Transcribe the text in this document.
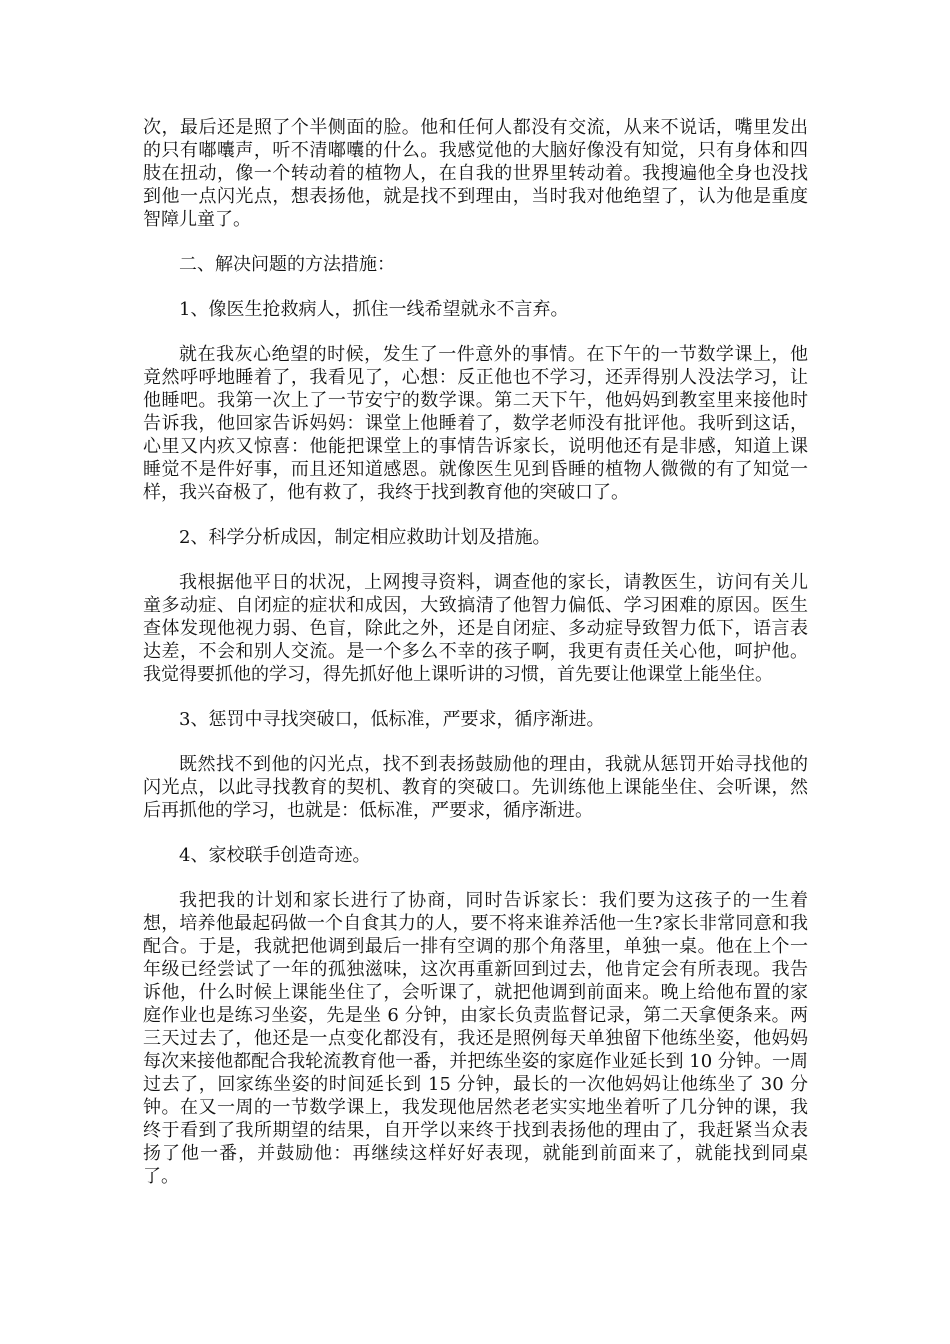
次，最后还是照了个半侧面的脸。他和任何人都没有交流，从来不说话，嘴里发出的只有嘟囔声，听不清嘟囔的什么。我感觉他的大脑好像没有知觉，只有身体和四肢在扭动，像一个转动着的植物人，在自我的世界里转动着。我搜遍他全身也没找到他一点闪光点，想表扬他，就是找不到理由，当时我对他绝望了，认为他是重度智障儿童了。

二、解决问题的方法措施：

1、像医生抢救病人，抓住一线希望就永不言弃。

就在我灰心绝望的时候，发生了一件意外的事情。在下午的一节数学课上，他竟然呼呼地睡着了，我看见了，心想：反正他也不学习，还弄得别人没法学习，让他睡吧。我第一次上了一节安宁的数学课。第二天下午，他妈妈到教室里来接他时告诉我，他回家告诉妈妈：课堂上他睡着了，数学老师没有批评他。我听到这话，心里又内疚又惊喜：他能把课堂上的事情告诉家长，说明他还有是非感，知道上课睡觉不是件好事，而且还知道感恩。就像医生见到昏睡的植物人微微的有了知觉一样，我兴奋极了，他有救了，我终于找到教育他的突破口了。

2、科学分析成因，制定相应救助计划及措施。

我根据他平日的状况，上网搜寻资料，调查他的家长，请教医生，访问有关儿童多动症、自闭症的症状和成因，大致搞清了他智力偏低、学习困难的原因。医生查体发现他视力弱、色盲，除此之外，还是自闭症、多动症导致智力低下，语言表达差，不会和别人交流。是一个多么不幸的孩子啊，我更有责任关心他，呵护他。我觉得要抓他的学习，得先抓好他上课听讲的习惯，首先要让他课堂上能坐住。

3、惩罚中寻找突破口，低标准，严要求，循序渐进。

既然找不到他的闪光点，找不到表扬鼓励他的理由，我就从惩罚开始寻找他的闪光点，以此寻找教育的契机、教育的突破口。先训练他上课能坐住、会听课，然后再抓他的学习，也就是：低标准，严要求，循序渐进。

4、家校联手创造奇迹。

我把我的计划和家长进行了协商，同时告诉家长：我们要为这孩子的一生着想，培养他最起码做一个自食其力的人，要不将来谁养活他一生?家长非常同意和我配合。于是，我就把他调到最后一排有空调的那个角落里，单独一桌。他在上个一年级已经尝试了一年的孤独滋味，这次再重新回到过去，他肯定会有所表现。我告诉他，什么时候上课能坐住了，会听课了，就把他调到前面来。晚上给他布置的家庭作业也是练习坐姿，先是坐 6 分钟，由家长负责监督记录，第二天拿便条来。两三天过去了，他还是一点变化都没有，我还是照例每天单独留下他练坐姿，他妈妈每次来接他都配合我轮流教育他一番，并把练坐姿的家庭作业延长到 10 分钟。一周过去了，回家练坐姿的时间延长到 15 分钟，最长的一次他妈妈让他练坐了 30 分钟。在又一周的一节数学课上，我发现他居然老老实实地坐着听了几分钟的课，我终于看到了我所期望的结果，自开学以来终于找到表扬他的理由了，我赶紧当众表扬了他一番，并鼓励他：再继续这样好好表现，就能到前面来了，就能找到同桌了。
